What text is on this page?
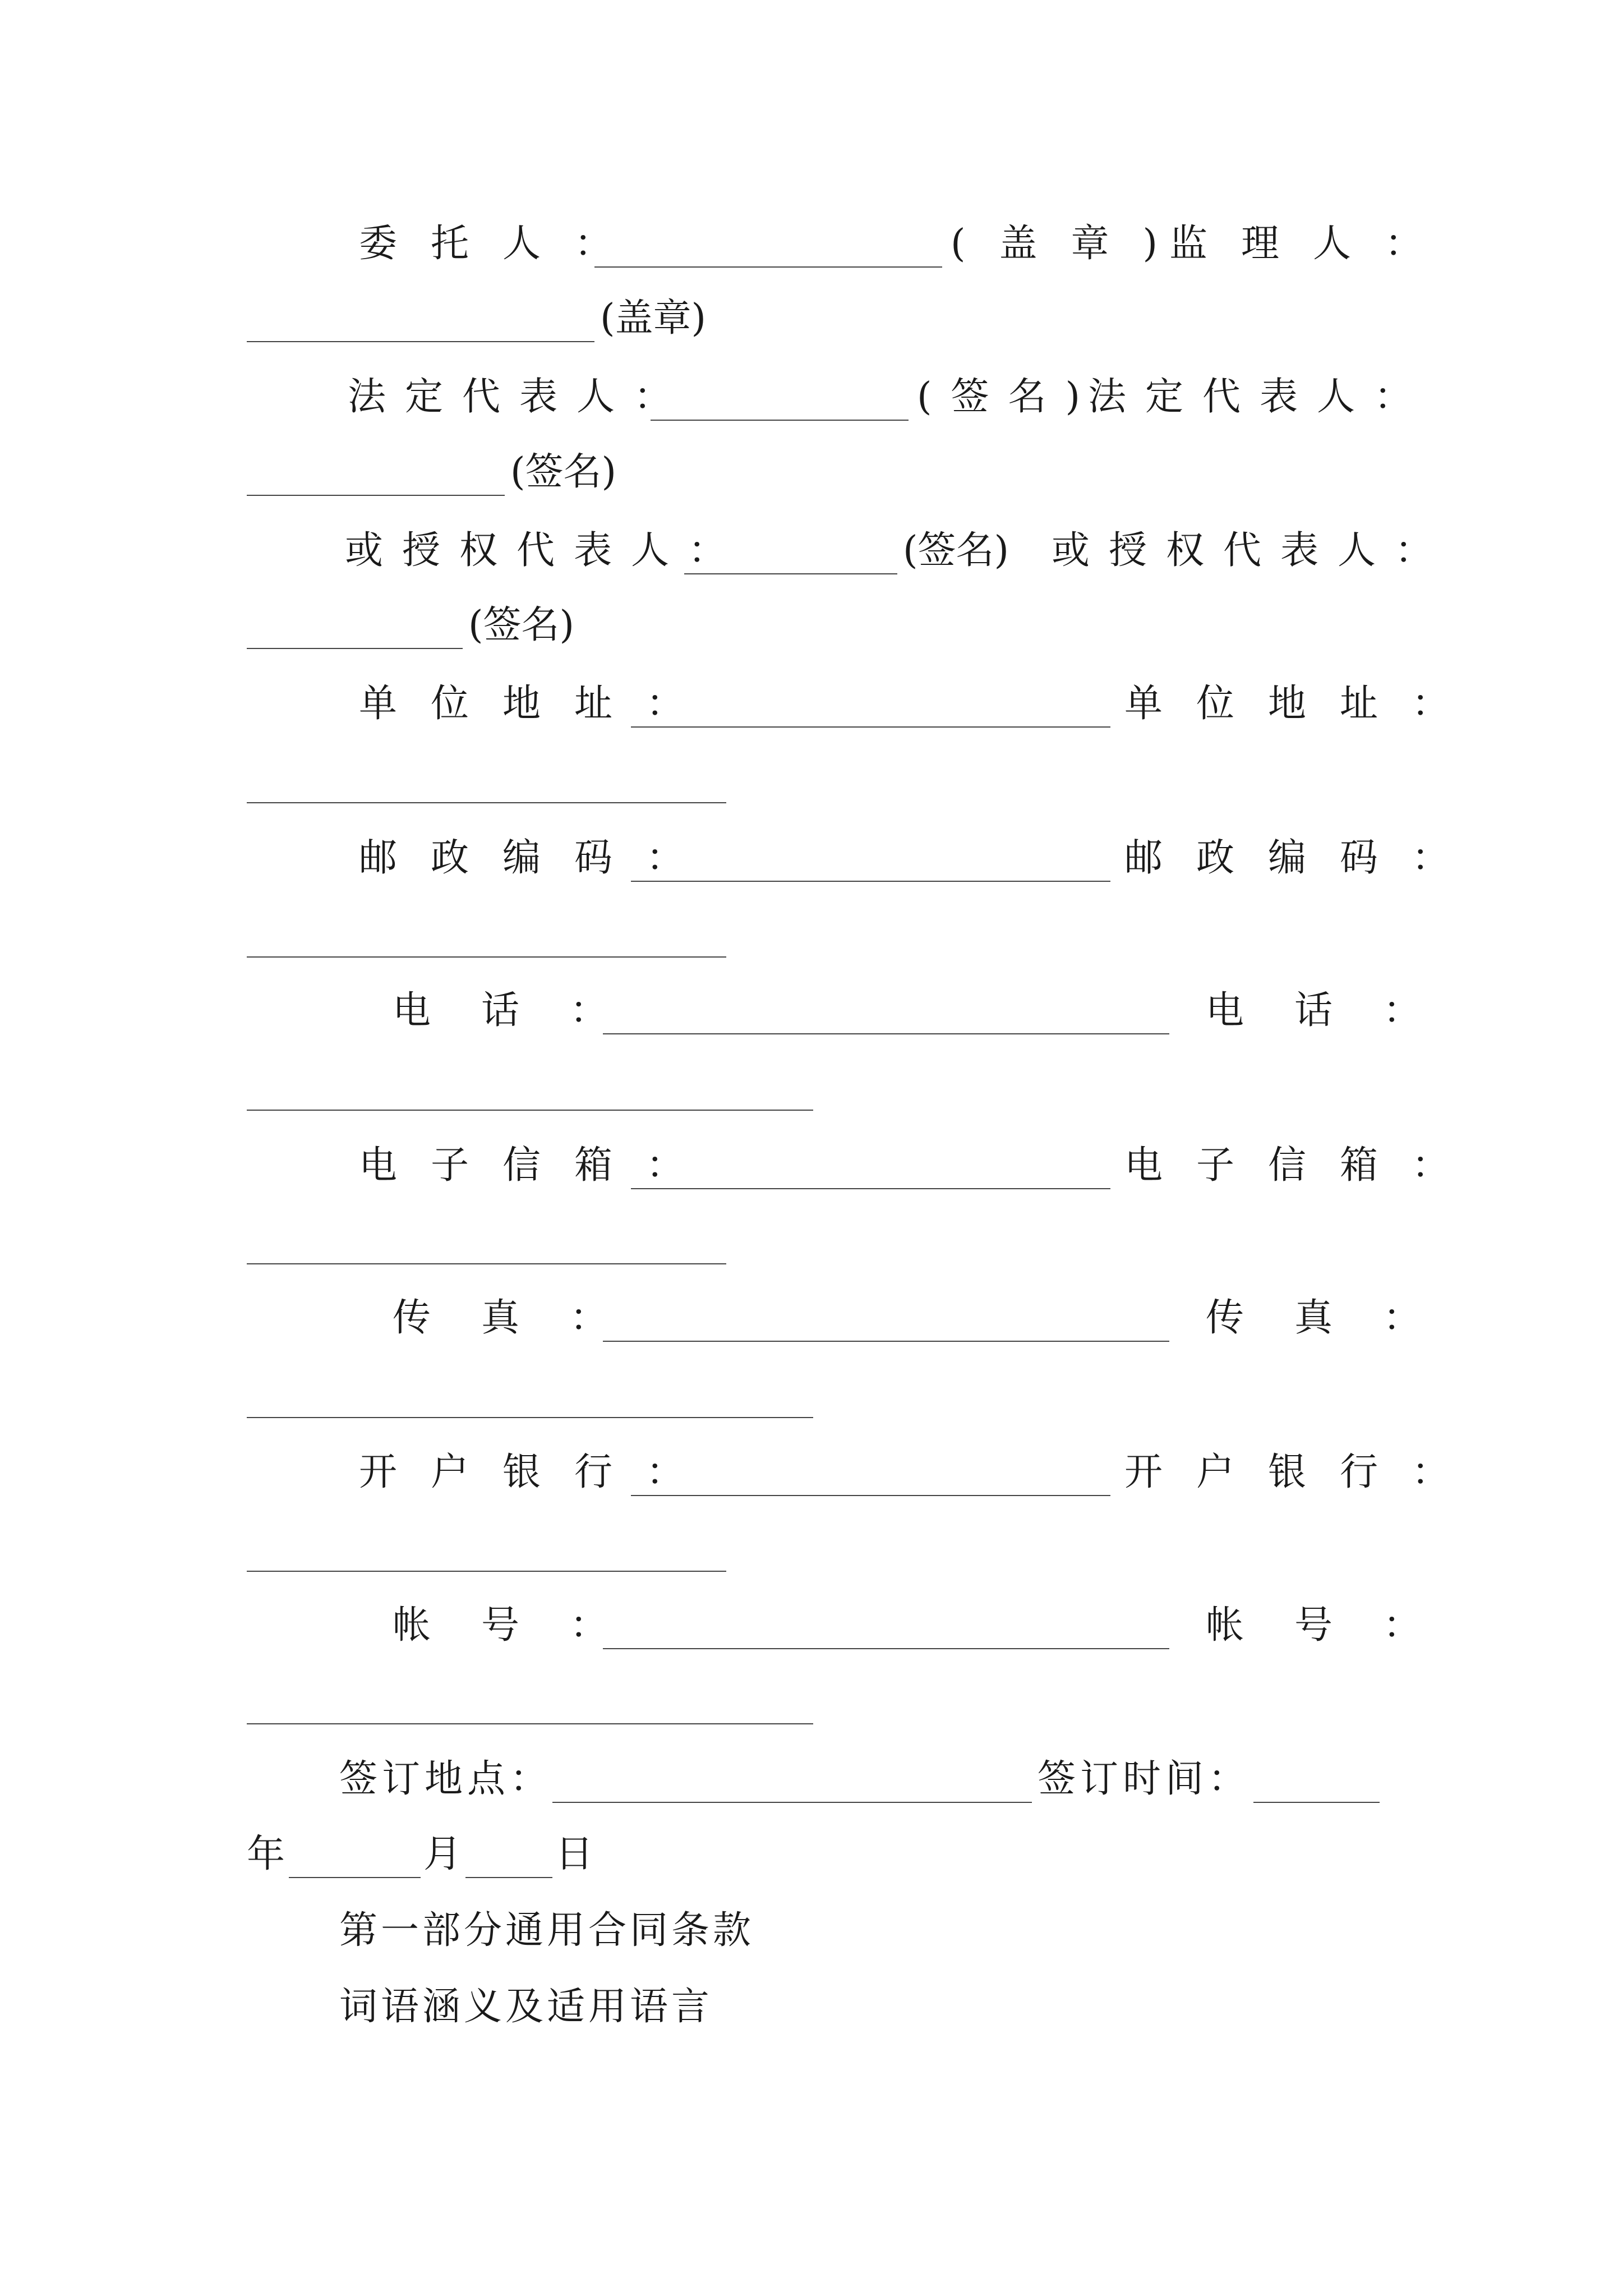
委托人：	(盖章)
监理人：
(盖章)
法定代表人：	(签名)
法定代表人：
(签名)
或授权代表人：	(签名) 或授权代表人：
(签名)
单位地址：	单位地址：
邮政编码：	邮政编码：
电话：	电话：
电子信箱：	电子信箱：
传真：	传真：
开户银行：	开户银行：
帐号：	帐号：
签订地点：	签订时间：
年	月 日
第一部分通用合同条款
词语涵义及适用语言
